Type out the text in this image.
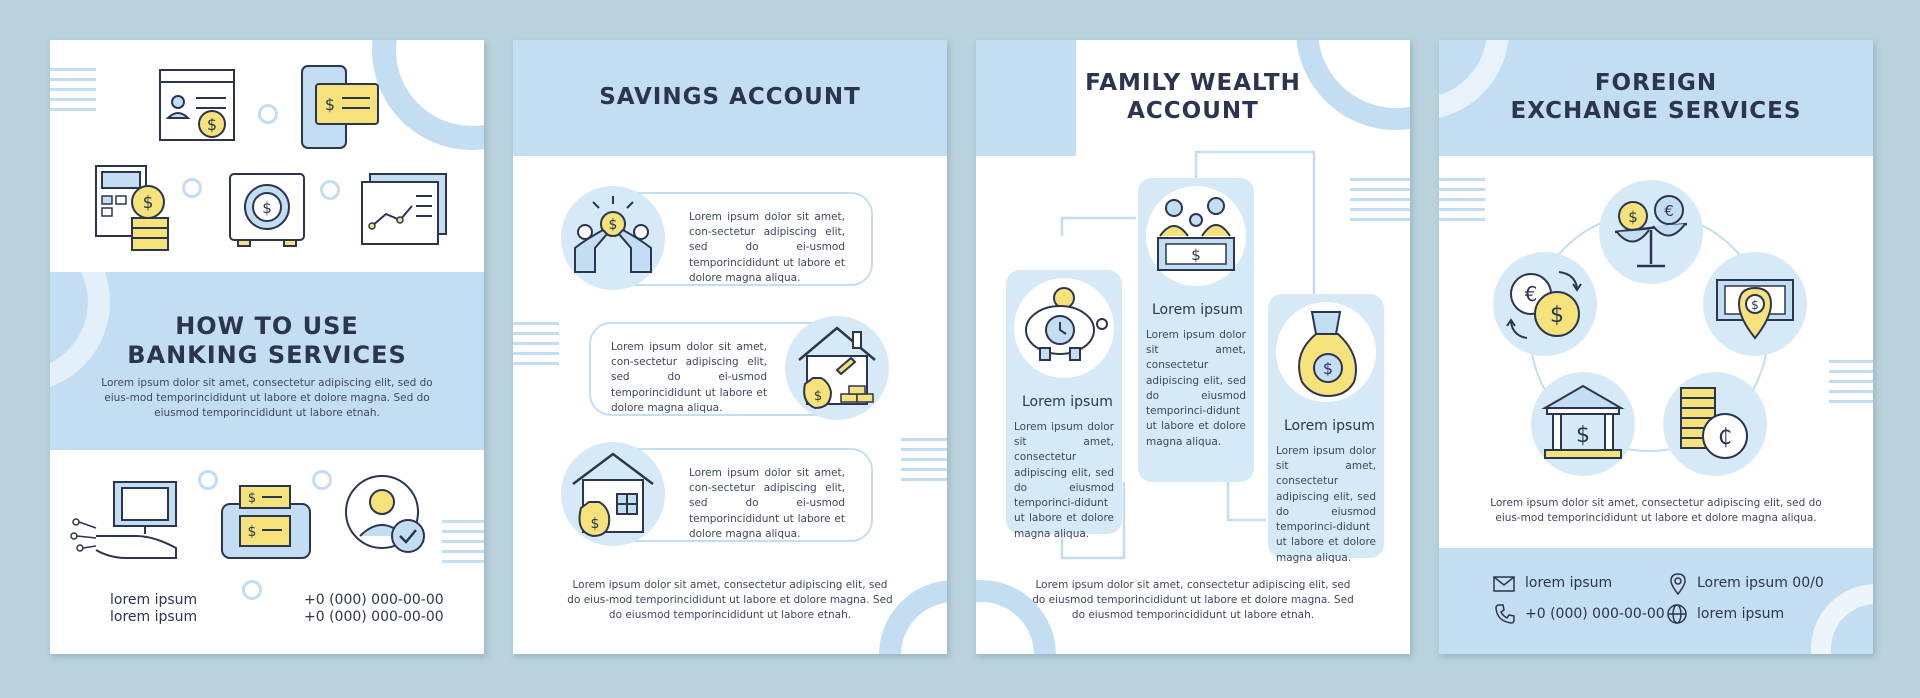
$
$
$	$
HOW TO USE
BANKING SERVICES
Lorem ipsum dolor sit amet, consectetur adipiscing elit, sed do eius-mod temporincididunt ut labore et dolore magna. Sed do eiusmod temporincididunt ut labore etnah.
$
$
lorem ipsum
lorem ipsum
+0 (000) 000-00-00
+0 (000) 000-00-00
SAVINGS ACCOUNT
$	Lorem ipsum dolor sit amet, con-sectetur adipiscing elit, sed do ei-usmod temporincididunt ut labore et dolore magna aliqua.
$
Lorem ipsum dolor sit amet, con-sectetur adipiscing elit, sed do ei-usmod temporincididunt ut labore et dolore magna aliqua.
$
Lorem ipsum dolor sit amet, con-sectetur adipiscing elit, sed do ei-usmod temporincididunt ut labore et dolore magna aliqua.
Lorem ipsum dolor sit amet, consectetur adipiscing elit, sed do eius-mod temporincididunt ut labore et dolore magna. Sed do eiusmod temporincididunt ut labore etnah.
FAMILY WEALTH
ACCOUNT
Lorem ipsum
Lorem ipsum dolor sit amet, consectetur adipiscing elit, sed do eiusmod temporinci-didunt ut labore et dolore magna aliqua.
$
Lorem ipsum
Lorem ipsum dolor sit amet, consectetur adipiscing elit, sed do eiusmod temporinci-didunt ut labore et dolore magna aliqua.
$
Lorem ipsum
Lorem ipsum dolor sit amet, consectetur adipiscing elit, sed do eiusmod temporinci-didunt ut labore et dolore magna aliqua.
Lorem ipsum dolor sit amet, consectetur adipiscing elit, sed do eiusmod temporincididunt ut labore et dolore magna. Sed do eiusmod temporincididunt ut labore etnah.
FOREIGN
EXCHANGE SERVICES
$ €
€
$	$
$	₵
Lorem ipsum dolor sit amet, consectetur adipiscing elit, sed do eius-mod temporincididunt ut labore et dolore magna aliqua.
lorem ipsum	Lorem ipsum 00/0
+0 (000) 000-00-00 lorem ipsum
